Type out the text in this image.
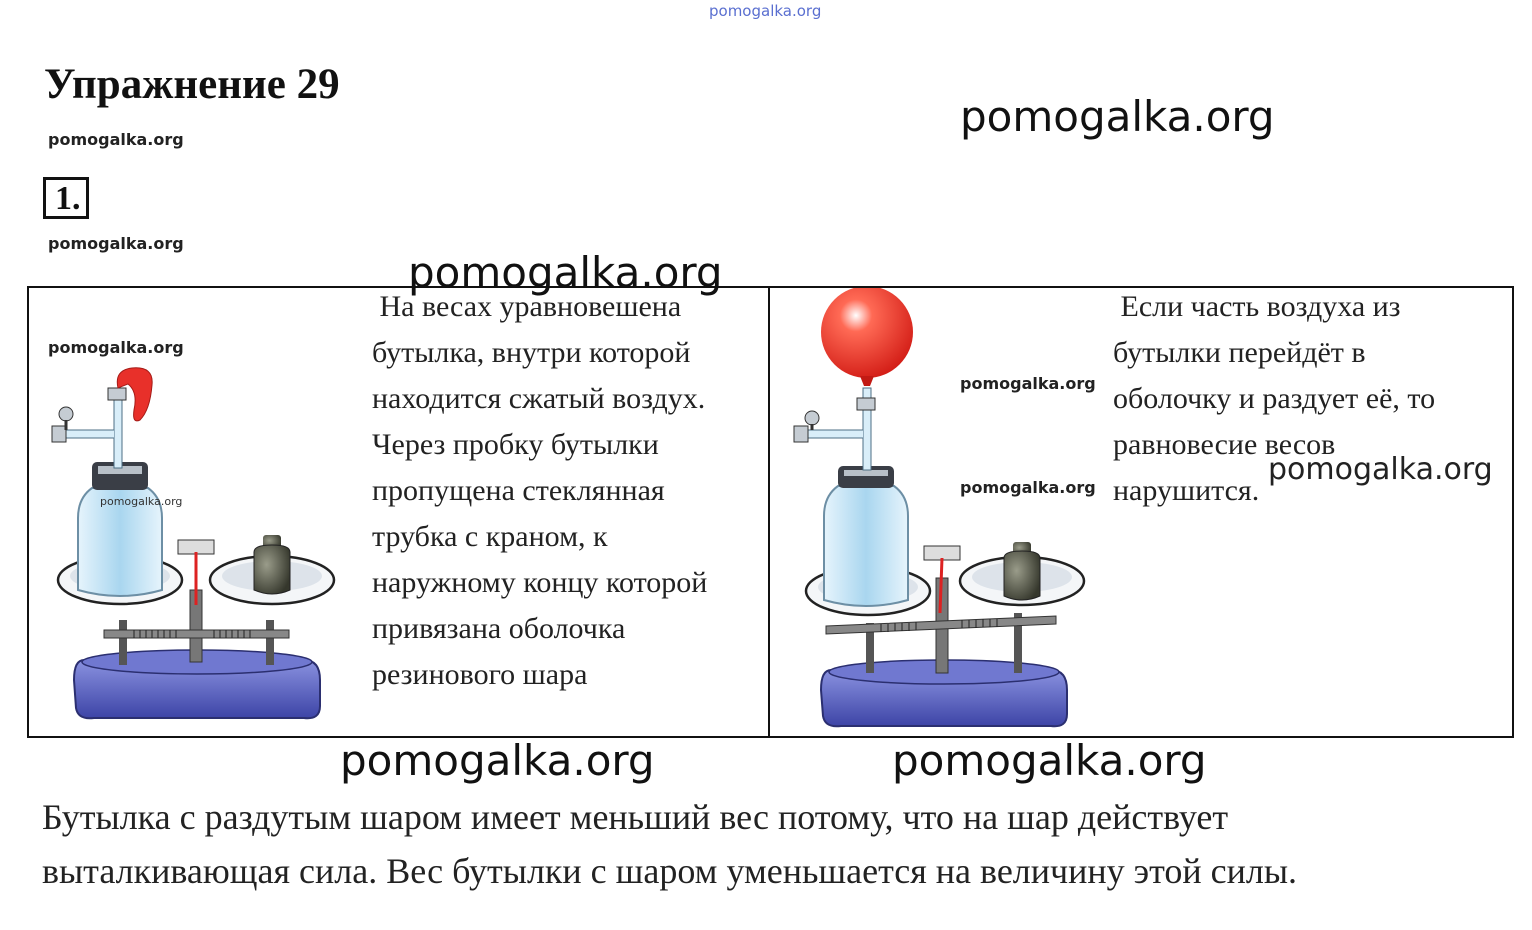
pomogalka.org
Упражнение 29
pomogalka.org
pomogalka.org
1.
pomogalka.org
pomogalka.org
pomogalka.org
На весах уравновешена
бутылка, внутри которой
находится сжатый воздух.
Через пробку бутылки
пропущена стеклянная
трубка с краном, к
наружному концу которой
привязана оболочка
резинового шара
pomogalka.org
pomogalka.org
pomogalka.org
Если часть воздуха из
бутылки перейдёт в
оболочку и раздует её, то
равновесие весов
нарушится.
pomogalka.org
pomogalka.org	pomogalka.org
Бутылка с раздутым шаром имеет меньший вес потому, что на шар действует
выталкивающая сила. Вес бутылки с шаром уменьшается на величину этой силы.
